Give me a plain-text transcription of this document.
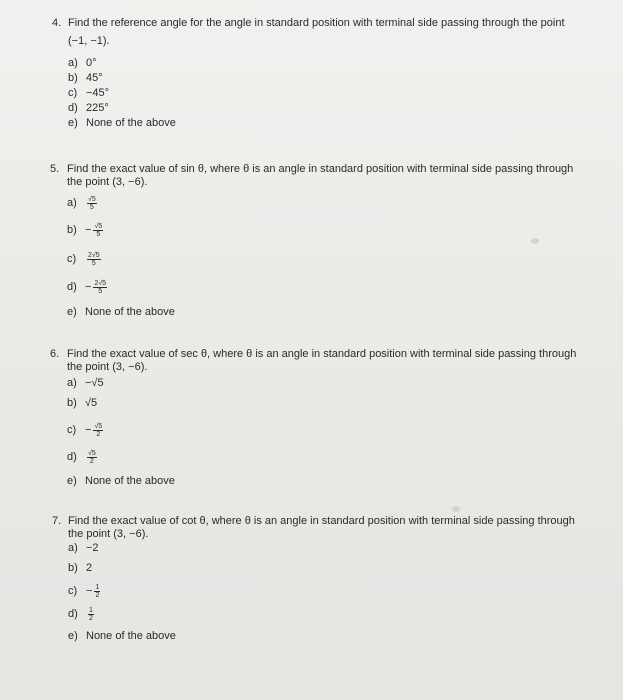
4. Find the reference angle for the angle in standard position with terminal side passing through the point
(−1, −1).
a) 0°
b) 45°
c) −45°
d) 225°
e) None of the above
5. Find the exact value of sin θ, where θ is an angle in standard position with terminal side passing through
the point (3, −6).
a)	$\frac{√5}{5}$
$b) - \frac{√5}{5}$
c)	$\frac{2√5}{5}$
$d) - \frac{2√5}{5}$
e) None of the above
6. Find the exact value of sec θ, where θ is an angle in standard position with terminal side passing through
the point (3, −6).
a) −√5
b) √5
$c) - \frac{√5}{2}$
d)	$\frac{√5}{2}$
e) None of the above
7. Find the exact value of cot θ, where θ is an angle in standard position with terminal side passing through
the point (3, −6).
a) −2
b) 2
$c) - \frac{1}{2}$
d)	$\frac{1}{2}$
e) None of the above
